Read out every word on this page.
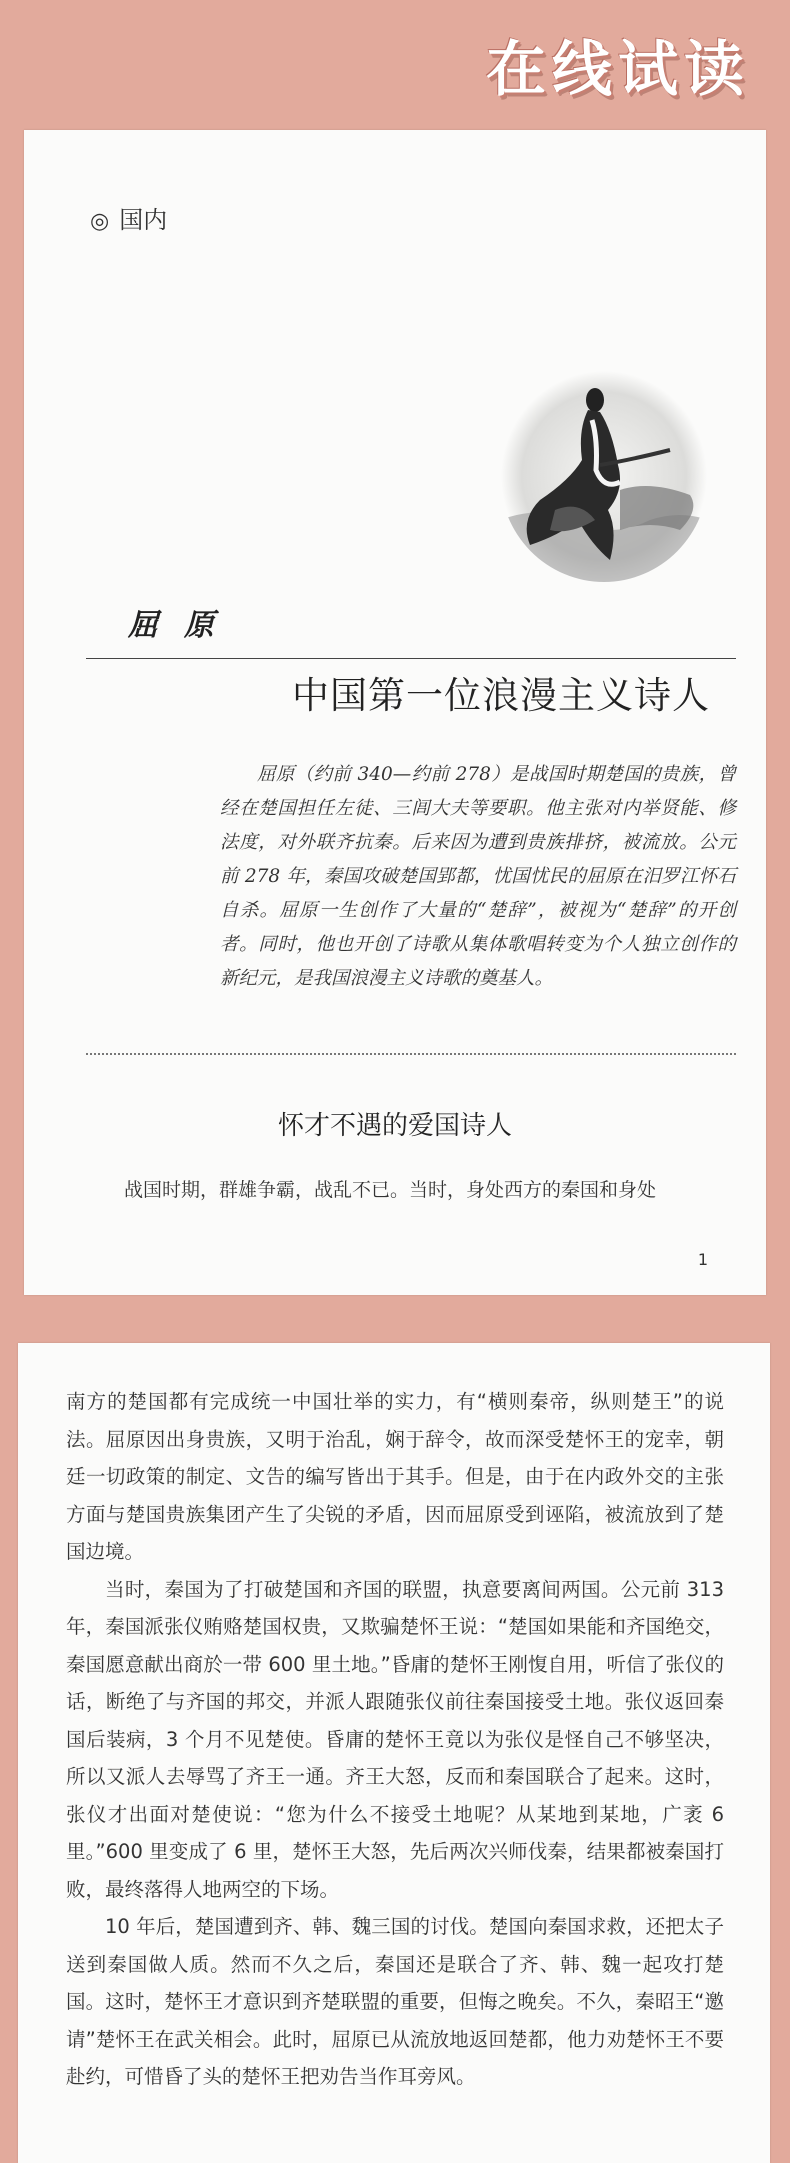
在线试读
◎ 国内
屈原
中国第一位浪漫主义诗人

屈原（约前 340—约前 278）是战国时期楚国的贵族，曾经在楚国担任左徒、三闾大夫等要职。他主张对内举贤能、修法度，对外联齐抗秦。后来因为遭到贵族排挤，被流放。公元前 278 年，秦国攻破楚国郢都，忧国忧民的屈原在汨罗江怀石自杀。屈原一生创作了大量的“楚辞”，被视为“楚辞”的开创者。同时，他也开创了诗歌从集体歌唱转变为个人独立创作的新纪元，是我国浪漫主义诗歌的奠基人。

怀才不遇的爱国诗人

战国时期，群雄争霸，战乱不已。当时，身处西方的秦国和身处

1

南方的楚国都有完成统一中国壮举的实力，有“横则秦帝，纵则楚王”的说法。屈原因出身贵族，又明于治乱，娴于辞令，故而深受楚怀王的宠幸，朝廷一切政策的制定、文告的编写皆出于其手。但是，由于在内政外交的主张方面与楚国贵族集团产生了尖锐的矛盾，因而屈原受到诬陷，被流放到了楚国边境。

当时，秦国为了打破楚国和齐国的联盟，执意要离间两国。公元前 313 年，秦国派张仪贿赂楚国权贵，又欺骗楚怀王说：“楚国如果能和齐国绝交，秦国愿意献出商於一带 600 里土地。”昏庸的楚怀王刚愎自用，听信了张仪的话，断绝了与齐国的邦交，并派人跟随张仪前往秦国接受土地。张仪返回秦国后装病，3 个月不见楚使。昏庸的楚怀王竟以为张仪是怪自己不够坚决，所以又派人去辱骂了齐王一通。齐王大怒，反而和秦国联合了起来。这时，张仪才出面对楚使说：“您为什么不接受土地呢？从某地到某地，广袤 6 里。”600 里变成了 6 里，楚怀王大怒，先后两次兴师伐秦，结果都被秦国打败，最终落得人地两空的下场。

10 年后，楚国遭到齐、韩、魏三国的讨伐。楚国向秦国求救，还把太子送到秦国做人质。然而不久之后，秦国还是联合了齐、韩、魏一起攻打楚国。这时，楚怀王才意识到齐楚联盟的重要，但悔之晚矣。不久，秦昭王“邀请”楚怀王在武关相会。此时，屈原已从流放地返回楚都，他力劝楚怀王不要赴约，可惜昏了头的楚怀王把劝告当作耳旁风。
